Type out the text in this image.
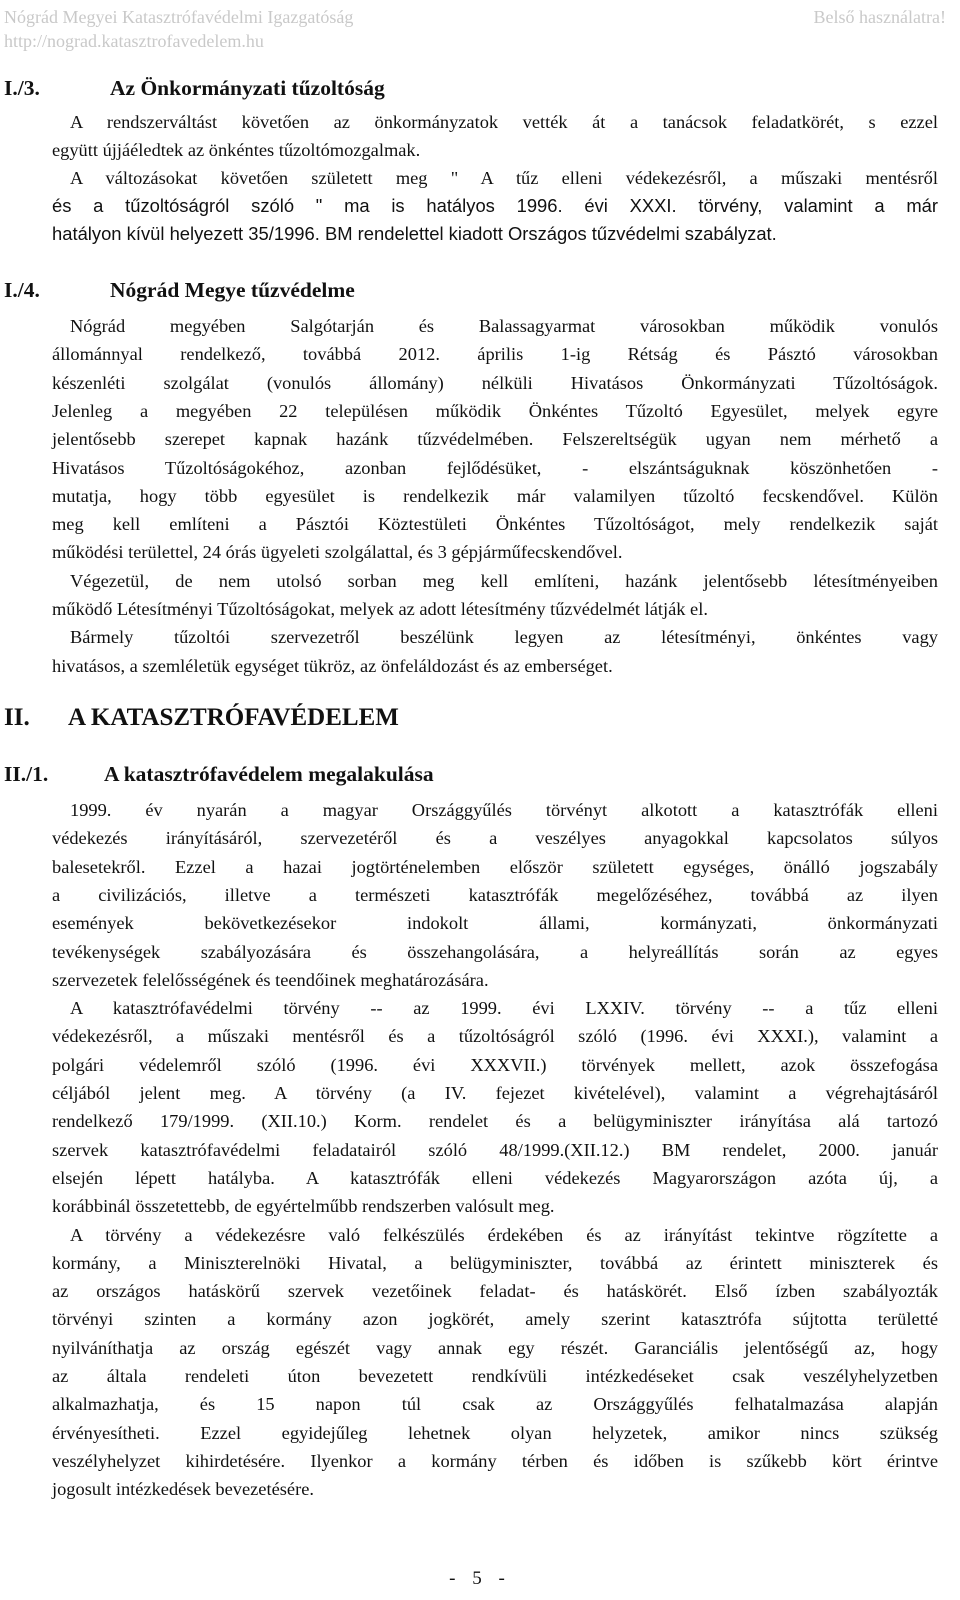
Nógrád Megyei Katasztrófavédelmi Igazgatóság	Belső használatra!
http://nograd.katasztrofavedelem.hu
I./3.	Az Önkormányzati tűzoltóság
A rendszerváltást követően az önkormányzatok vették át a tanácsok feladatkörét, s ezzel
együtt újjáéledtek az önkéntes tűzoltómozgalmak.
A változásokat követően született meg " A tűz elleni védekezésről, a műszaki mentésről
és a tűzoltóságról szóló " ma is hatályos 1996. évi XXXI. törvény, valamint a már
hatályon kívül helyezett 35/1996. BM rendelettel kiadott Országos tűzvédelmi szabályzat.
I./4.	Nógrád Megye tűzvédelme
Nógrád megyében Salgótarján és Balassagyarmat városokban működik vonulós
állománnyal rendelkező, továbbá 2012. április 1-ig Rétság és Pásztó városokban
készenléti szolgálat (vonulós állomány) nélküli Hivatásos Önkormányzati Tűzoltóságok.
Jelenleg a megyében 22 településen működik Önkéntes Tűzoltó Egyesület, melyek egyre
jelentősebb szerepet kapnak hazánk tűzvédelmében. Felszereltségük ugyan nem mérhető a
Hivatásos Tűzoltóságokéhoz, azonban fejlődésüket, - elszántságuknak köszönhetően -
mutatja, hogy több egyesület is rendelkezik már valamilyen tűzoltó fecskendővel. Külön
meg kell említeni a Pásztói Köztestületi Önkéntes Tűzoltóságot, mely rendelkezik saját
működési területtel, 24 órás ügyeleti szolgálattal, és 3 gépjárműfecskendővel.
Végezetül, de nem utolsó sorban meg kell említeni, hazánk jelentősebb létesítményeiben
működő Létesítményi Tűzoltóságokat, melyek az adott létesítmény tűzvédelmét látják el.
Bármely tűzoltói szervezetről beszélünk legyen az létesítményi, önkéntes vagy
hivatásos, a szemléletük egységet tükröz, az önfeláldozást és az emberséget.
II. A KATASZTRÓFAVÉDELEM
II./1.	A katasztrófavédelem megalakulása
1999. év nyarán a magyar Országgyűlés törvényt alkotott a katasztrófák elleni
védekezés irányításáról, szervezetéről és a veszélyes anyagokkal kapcsolatos súlyos
balesetekről. Ezzel a hazai jogtörténelemben először született egységes, önálló jogszabály
a civilizációs, illetve a természeti katasztrófák megelőzéséhez, továbbá az ilyen
események bekövetkezésekor indokolt állami, kormányzati, önkormányzati
tevékenységek szabályozására és összehangolására, a helyreállítás során az egyes
szervezetek felelősségének és teendőinek meghatározására.
A katasztrófavédelmi törvény -- az 1999. évi LXXIV. törvény -- a tűz elleni
védekezésről, a műszaki mentésről és a tűzoltóságról szóló (1996. évi XXXI.), valamint a
polgári védelemről szóló (1996. évi XXXVII.) törvények mellett, azok összefogása
céljából jelent meg. A törvény (a IV. fejezet kivételével), valamint a végrehajtásáról
rendelkező 179/1999. (XII.10.) Korm. rendelet és a belügyminiszter irányítása alá tartozó
szervek katasztrófavédelmi feladatairól szóló 48/1999.(XII.12.) BM rendelet, 2000. január
elsején lépett hatályba. A katasztrófák elleni védekezés Magyarországon azóta új, a
korábbinál összetettebb, de egyértelműbb rendszerben valósult meg.
A törvény a védekezésre való felkészülés érdekében és az irányítást tekintve rögzítette a
kormány, a Miniszterelnöki Hivatal, a belügyminiszter, továbbá az érintett miniszterek és
az országos hatáskörű szervek vezetőinek feladat- és hatáskörét. Első ízben szabályozták
törvényi szinten a kormány azon jogkörét, amely szerint katasztrófa sújtotta területté
nyilváníthatja az ország egészét vagy annak egy részét. Garanciális jelentőségű az, hogy
az általa rendeleti úton bevezetett rendkívüli intézkedéseket csak veszélyhelyzetben
alkalmazhatja, és 15 napon túl csak az Országgyűlés felhatalmazása alapján
érvényesítheti. Ezzel egyidejűleg lehetnek olyan helyzetek, amikor nincs szükség
veszélyhelyzet kihirdetésére. Ilyenkor a kormány térben és időben is szűkebb kört érintve
jogosult intézkedések bevezetésére.
- 5 -
